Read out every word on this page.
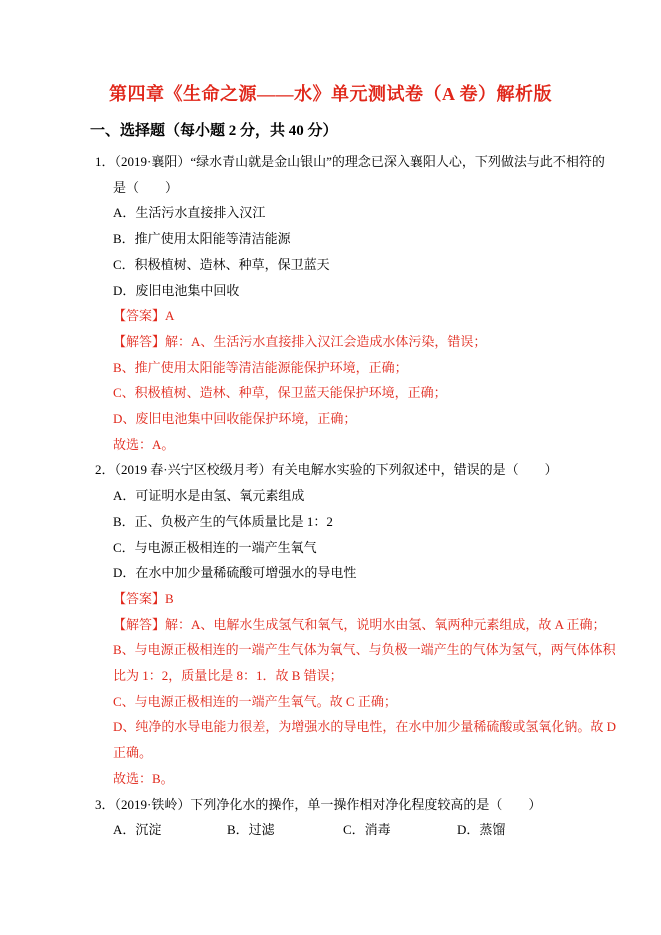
第四章《生命之源——水》单元测试卷（A 卷）解析版
一、选择题（每小题 2 分，共 40 分）
1．（2019·襄阳）“绿水青山就是金山银山”的理念已深入襄阳人心，下列做法与此不相符的
是（　　）
A．生活污水直接排入汉江
B．推广使用太阳能等清洁能源
C．积极植树、造林、种草，保卫蓝天
D．废旧电池集中回收
【答案】A
【解答】解：A、生活污水直接排入汉江会造成水体污染，错误；
B、推广使用太阳能等清洁能源能保护环境，正确；
C、积极植树、造林、种草，保卫蓝天能保护环境，正确；
D、废旧电池集中回收能保护环境，正确；
故选：A。
2．（2019 春·兴宁区校级月考）有关电解水实验的下列叙述中，错误的是（　　）
A．可证明水是由氢、氧元素组成
B．正、负极产生的气体质量比是 1：2
C．与电源正极相连的一端产生氧气
D．在水中加少量稀硫酸可增强水的导电性
【答案】B
【解答】解：A、电解水生成氢气和氧气，说明水由氢、氧两种元素组成，故 A 正确；
B、与电源正极相连的一端产生气体为氧气、与负极一端产生的气体为氢气，两气体体积
比为 1：2，质量比是 8：1．故 B 错误；
C、与电源正极相连的一端产生氧气。故 C 正确；
D、纯净的水导电能力很差，为增强水的导电性，在水中加少量稀硫酸或氢氧化钠。故 D
正确。
故选：B。
3．（2019·铁岭）下列净化水的操作，单一操作相对净化程度较高的是（　　）
A．沉淀	B．过滤	C．消毒	D．蒸馏
